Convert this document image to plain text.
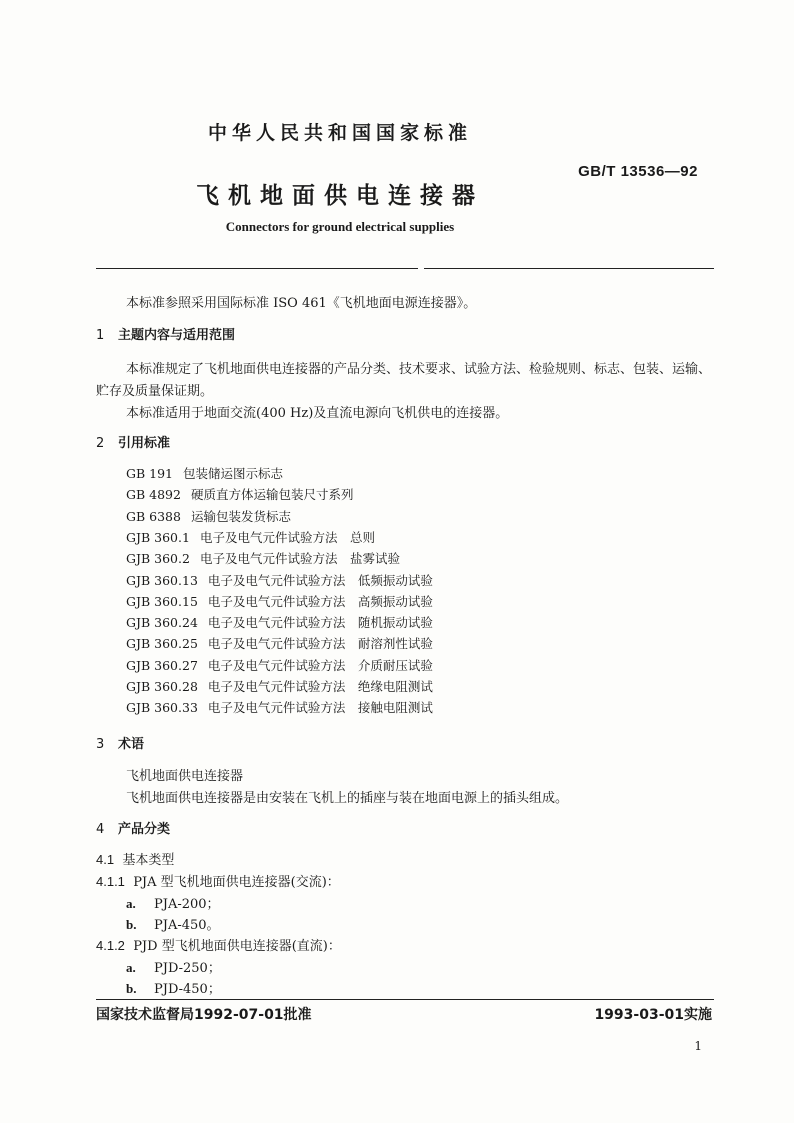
中华人民共和国国家标准
GB/T 13536—92
飞机地面供电连接器
Connectors for ground electrical supplies
本标准参照采用国际标准 ISO 461《飞机地面电源连接器》。
1 主题内容与适用范围
本标准规定了飞机地面供电连接器的产品分类、技术要求、试验方法、检验规则、标志、包装、运输、
贮存及质量保证期。
本标准适用于地面交流(400 Hz)及直流电源向飞机供电的连接器。
2 引用标准
GB 191 包装储运图示标志
GB 4892 硬质直方体运输包装尺寸系列
GB 6388 运输包装发货标志
GJB 360.1 电子及电气元件试验方法　总则
GJB 360.2 电子及电气元件试验方法　盐雾试验
GJB 360.13 电子及电气元件试验方法　低频振动试验
GJB 360.15 电子及电气元件试验方法　高频振动试验
GJB 360.24 电子及电气元件试验方法　随机振动试验
GJB 360.25 电子及电气元件试验方法　耐溶剂性试验
GJB 360.27 电子及电气元件试验方法　介质耐压试验
GJB 360.28 电子及电气元件试验方法　绝缘电阻测试
GJB 360.33 电子及电气元件试验方法　接触电阻测试
3 术语
飞机地面供电连接器
飞机地面供电连接器是由安装在飞机上的插座与装在地面电源上的插头组成。
4 产品分类
4.1 基本类型
4.1.1 PJA 型飞机地面供电连接器(交流)：
a. PJA-200；
b. PJA-450。
4.1.2 PJD 型飞机地面供电连接器(直流)：
a. PJD-250；
b. PJD-450；
国家技术监督局1992-07-01批准	1993-03-01实施
1
